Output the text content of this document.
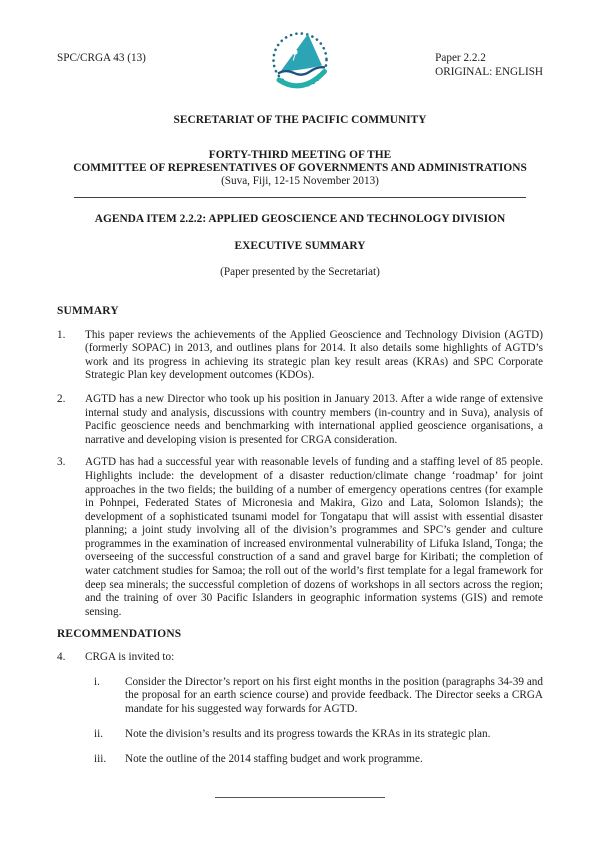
SPC/CRGA 43 (13)	Paper 2.2.2
ORIGINAL: ENGLISH
SECRETARIAT OF THE PACIFIC COMMUNITY
FORTY-THIRD MEETING OF THE
COMMITTEE OF REPRESENTATIVES OF GOVERNMENTS AND ADMINISTRATIONS
(Suva, Fiji, 12-15 November 2013)
AGENDA ITEM 2.2.2: APPLIED GEOSCIENCE AND TECHNOLOGY DIVISION
EXECUTIVE SUMMARY
(Paper presented by the Secretariat)
SUMMARY
1.	This paper reviews the achievements of the Applied Geoscience and Technology Division (AGTD) (formerly SOPAC) in 2013, and outlines plans for 2014. It also details some highlights of AGTD’s work and its progress in achieving its strategic plan key result areas (KRAs) and SPC Corporate Strategic Plan key development outcomes (KDOs).
2.	AGTD has a new Director who took up his position in January 2013. After a wide range of extensive internal study and analysis, discussions with country members (in-country and in Suva), analysis of Pacific geoscience needs and benchmarking with international applied geoscience organisations, a narrative and developing vision is presented for CRGA consideration.
3.	AGTD has had a successful year with reasonable levels of funding and a staffing level of 85 people. Highlights include: the development of a disaster reduction/climate change ‘roadmap’ for joint approaches in the two fields; the building of a number of emergency operations centres (for example in Pohnpei, Federated States of Micronesia and Makira, Gizo and Lata, Solomon Islands); the development of a sophisticated tsunami model for Tongatapu that will assist with essential disaster planning; a joint study involving all of the division’s programmes and SPC’s gender and culture programmes in the examination of increased environmental vulnerability of Lifuka Island, Tonga; the overseeing of the successful construction of a sand and gravel barge for Kiribati; the completion of water catchment studies for Samoa; the roll out of the world’s first template for a legal framework for deep sea minerals; the successful completion of dozens of workshops in all sectors across the region; and the training of over 30 Pacific Islanders in geographic information systems (GIS) and remote sensing.
RECOMMENDATIONS
4.	CRGA is invited to:
i.	Consider the Director’s report on his first eight months in the position (paragraphs 34-39 and the proposal for an earth science course) and provide feedback. The Director seeks a CRGA mandate for his suggested way forwards for AGTD.
ii.	Note the division’s results and its progress towards the KRAs in its strategic plan.
iii.	Note the outline of the 2014 staffing budget and work programme.
